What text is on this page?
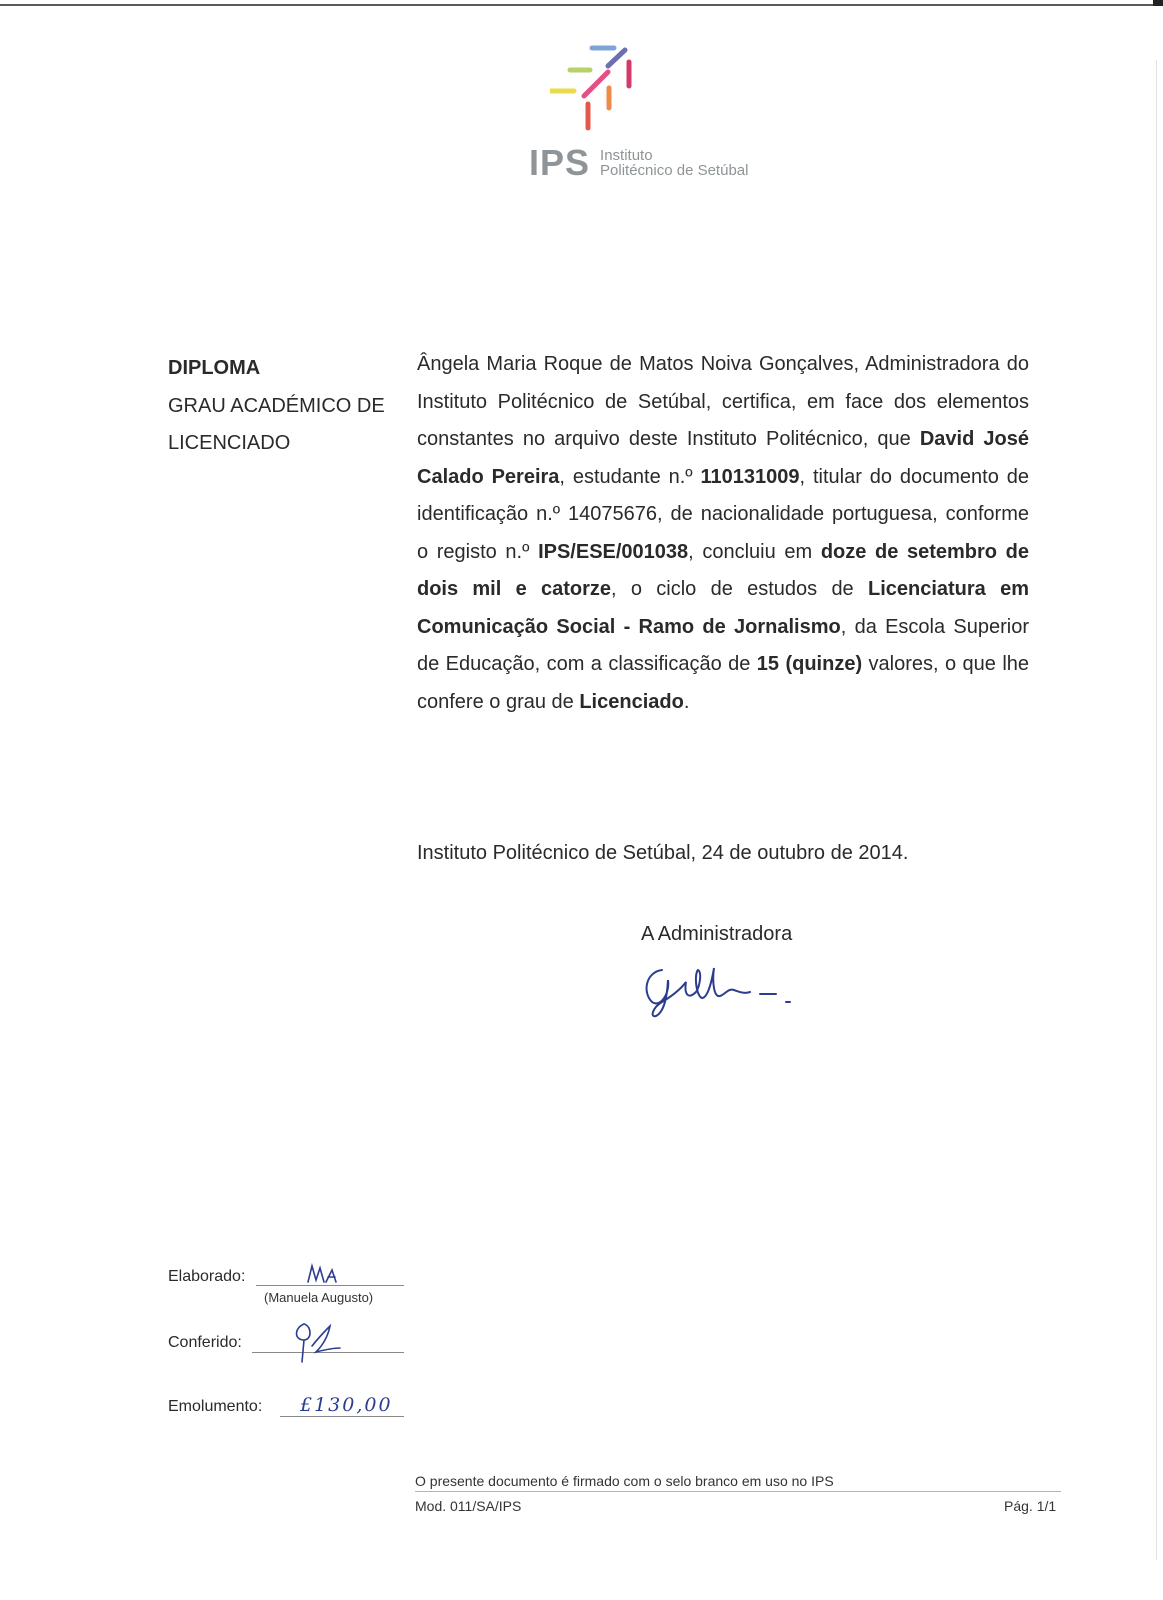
IPS Instituto
Politécnico de Setúbal
DIPLOMA
GRAU ACADÉMICO DE
LICENCIADO
Ângela Maria Roque de Matos Noiva Gonçalves, Administradora do Instituto Politécnico de Setúbal, certifica, em face dos elementos constantes no arquivo deste Instituto Politécnico, que David José Calado Pereira, estudante n.º 110131009, titular do documento de identificação n.º 14075676, de nacionalidade portuguesa, conforme o registo n.º IPS/ESE/001038, concluiu em doze de setembro de dois mil e catorze, o ciclo de estudos de Licenciatura em Comunicação Social - Ramo de Jornalismo, da Escola Superior de Educação, com a classificação de 15 (quinze) valores, o que lhe confere o grau de Licenciado.
Instituto Politécnico de Setúbal, 24 de outubro de 2014.
A Administradora
Elaborado:
(Manuela Augusto)
Conferido:
Emolumento: £130,00
O presente documento é firmado com o selo branco em uso no IPS
Mod. 011/SA/IPS	Pág. 1/1
